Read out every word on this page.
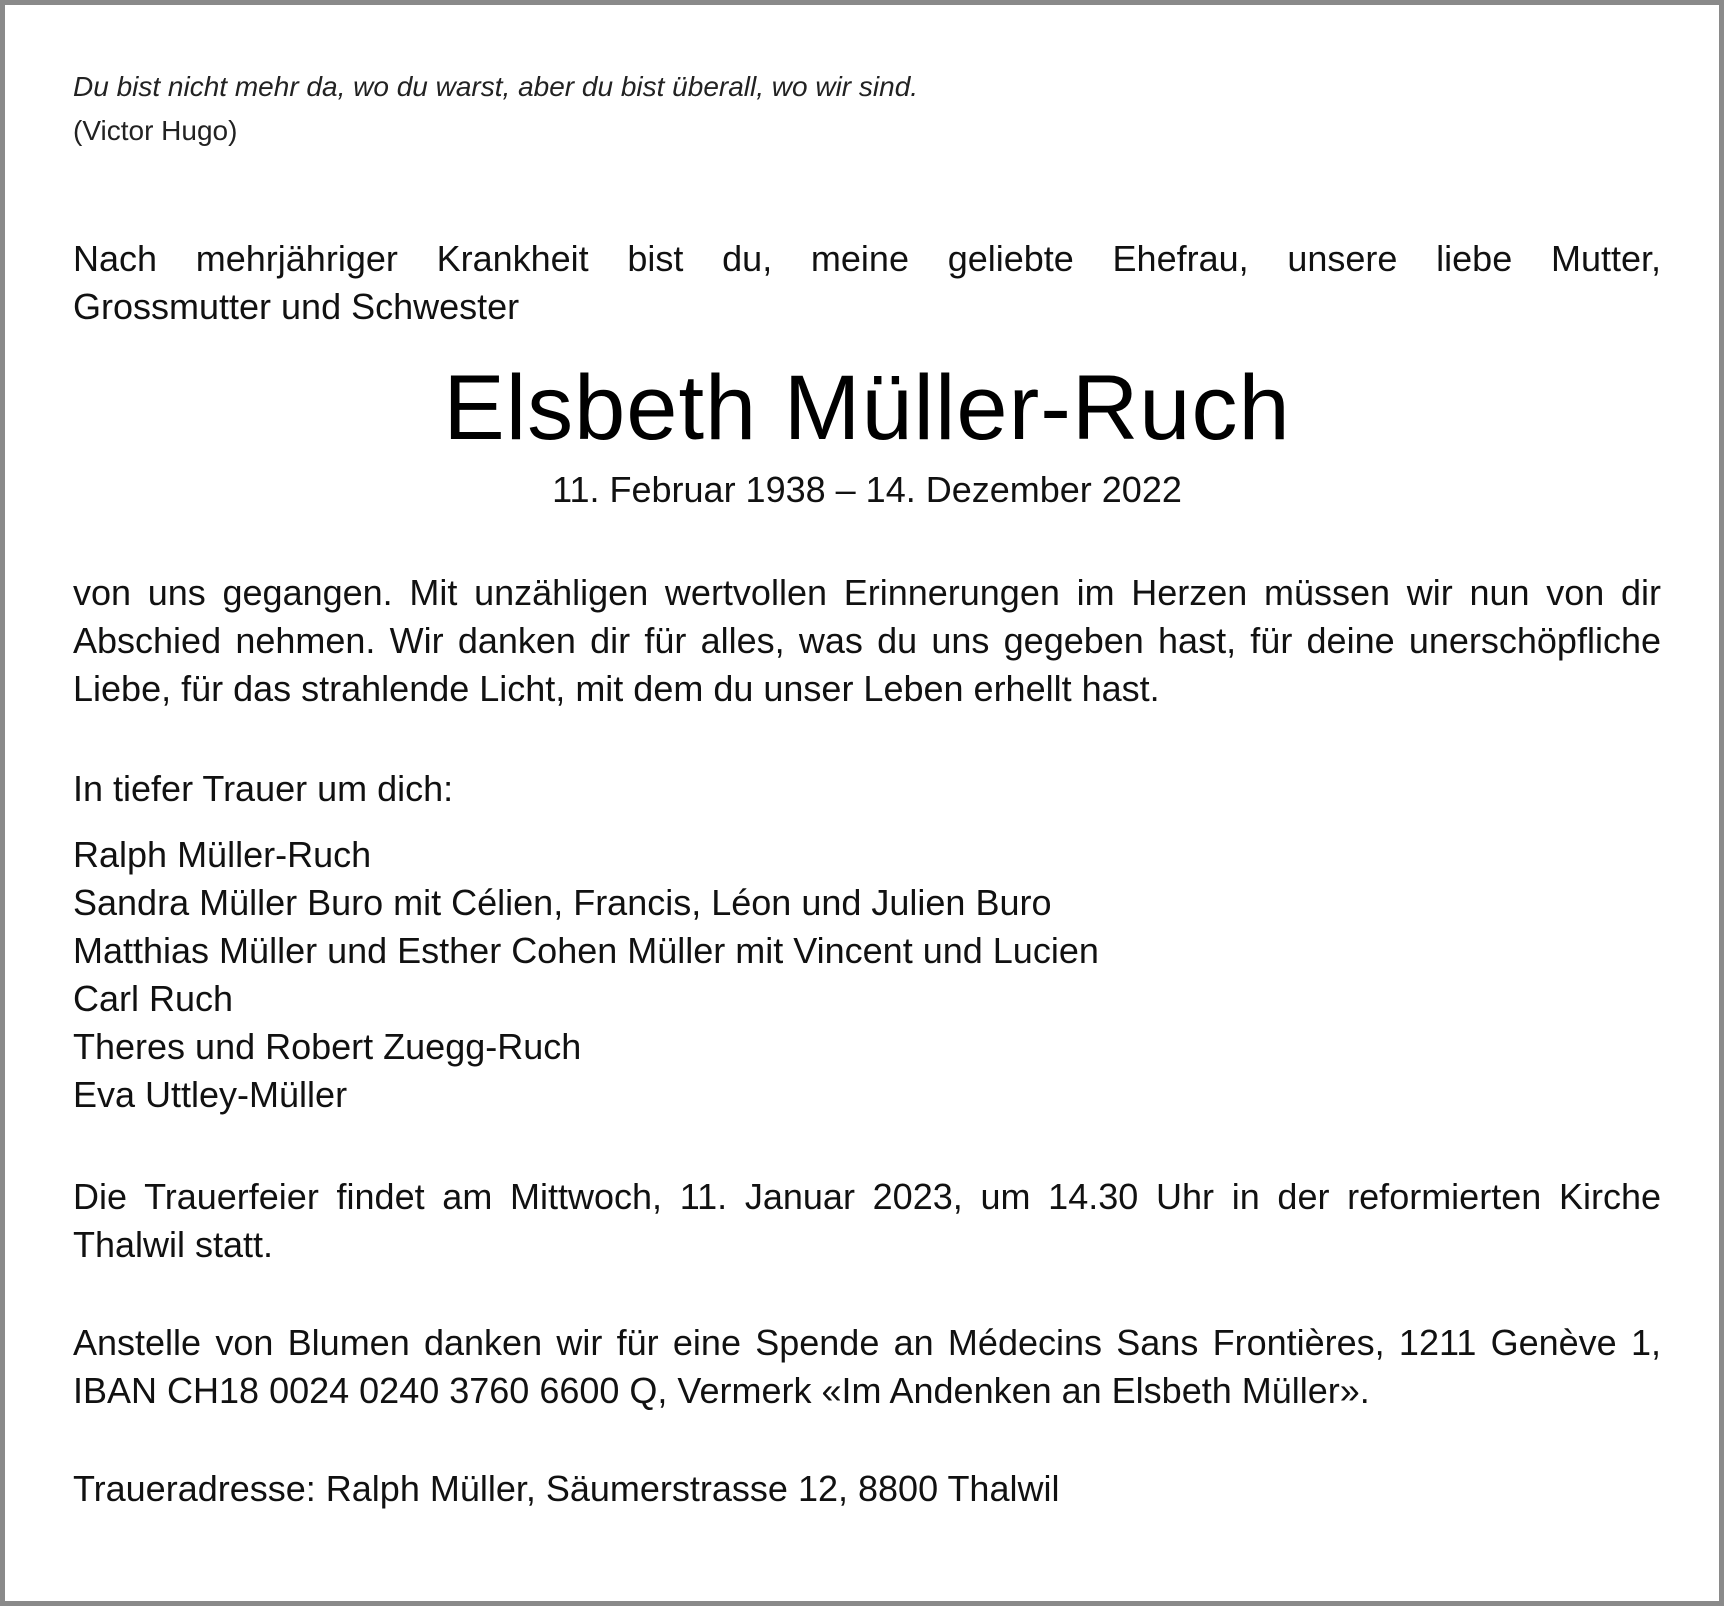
Du bist nicht mehr da, wo du warst, aber du bist überall, wo wir sind.

(Victor Hugo)

Nach mehrjähriger Krankheit bist du, meine geliebte Ehefrau, unsere liebe Mutter,
Grossmutter und Schwester

Elsbeth Müller-Ruch

11. Februar 1938 – 14. Dezember 2022

von uns gegangen. Mit unzähligen wertvollen Erinnerungen im Herzen müssen wir nun von dir Abschied nehmen. Wir danken dir für alles, was du uns gegeben hast, für deine unerschöpfliche Liebe, für das strahlende Licht, mit dem du unser Leben erhellt hast.

In tiefer Trauer um dich:

Ralph Müller-Ruch
Sandra Müller Buro mit Célien, Francis, Léon und Julien Buro
Matthias Müller und Esther Cohen Müller mit Vincent und Lucien
Carl Ruch
Theres und Robert Zuegg-Ruch
Eva Uttley-Müller

Die Trauerfeier findet am Mittwoch, 11. Januar 2023, um 14.30 Uhr in der reformierten Kirche Thalwil statt.

Anstelle von Blumen danken wir für eine Spende an Médecins Sans Frontières, 1211 Genève 1, IBAN CH18 0024 0240 3760 6600 Q, Vermerk «Im Andenken an Elsbeth Müller».

Traueradresse: Ralph Müller, Säumerstrasse 12, 8800 Thalwil
